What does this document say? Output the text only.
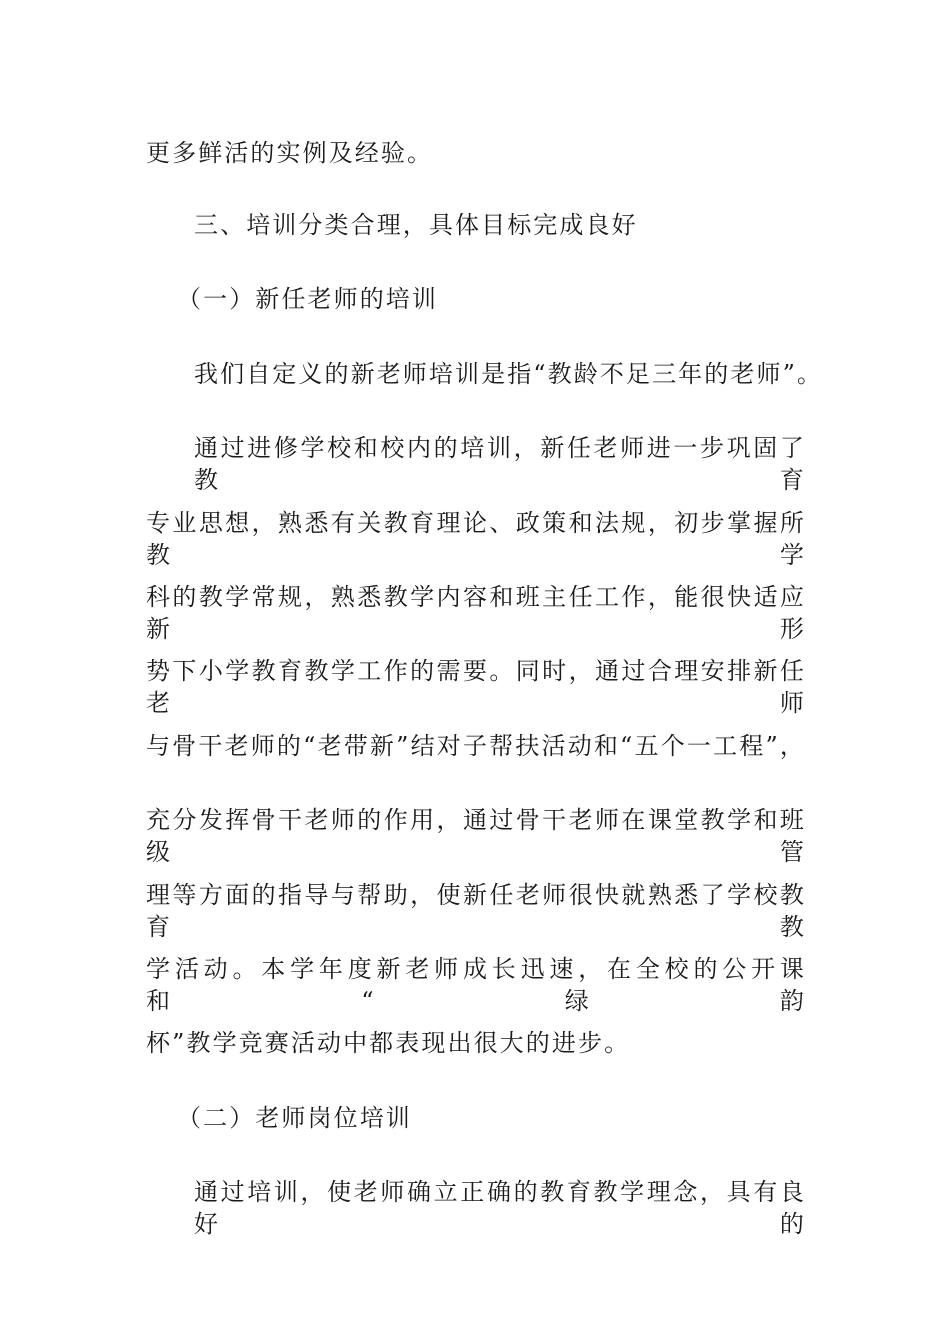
更多鲜活的实例及经验。
三、培训分类合理，具体目标完成良好
（一）新任老师的培训
我们自定义的新老师培训是指“教龄不足三年的老师”。
通过进修学校和校内的培训，新任老师进一步巩固了教育
专业思想，熟悉有关教育理论、政策和法规，初步掌握所教学
科的教学常规，熟悉教学内容和班主任工作，能很快适应新形
势下小学教育教学工作的需要。同时，通过合理安排新任老师
与骨干老师的“老带新”结对子帮扶活动和“五个一工程”，
充分发挥骨干老师的作用，通过骨干老师在课堂教学和班级管
理等方面的指导与帮助，使新任老师很快就熟悉了学校教育教
学活动。本学年度新老师成长迅速，在全校的公开课和“绿韵
杯”教学竞赛活动中都表现出很大的进步。
（二）老师岗位培训
通过培训，使老师确立正确的教育教学理念，具有良好的
